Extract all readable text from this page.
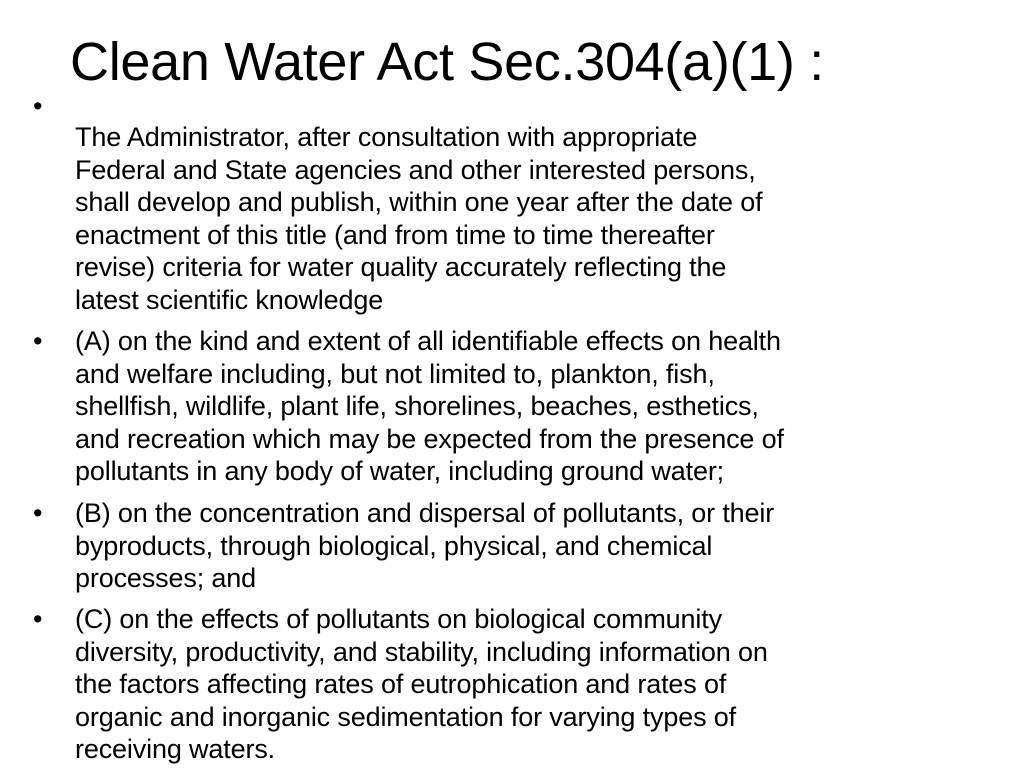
Clean Water Act Sec.304(a)(1) :
•
The Administrator, after consultation with appropriate
Federal and State agencies and other interested persons,
shall develop and publish, within one year after the date of
enactment of this title (and from time to time thereafter
revise) criteria for water quality accurately reflecting the
latest scientific knowledge
• (A) on the kind and extent of all identifiable effects on health
and welfare including, but not limited to, plankton, fish,
shellfish, wildlife, plant life, shorelines, beaches, esthetics,
and recreation which may be expected from the presence of
pollutants in any body of water, including ground water;
• (B) on the concentration and dispersal of pollutants, or their
byproducts, through biological, physical, and chemical
processes; and
• (C) on the effects of pollutants on biological community
diversity, productivity, and stability, including information on
the factors affecting rates of eutrophication and rates of
organic and inorganic sedimentation for varying types of
receiving waters.
